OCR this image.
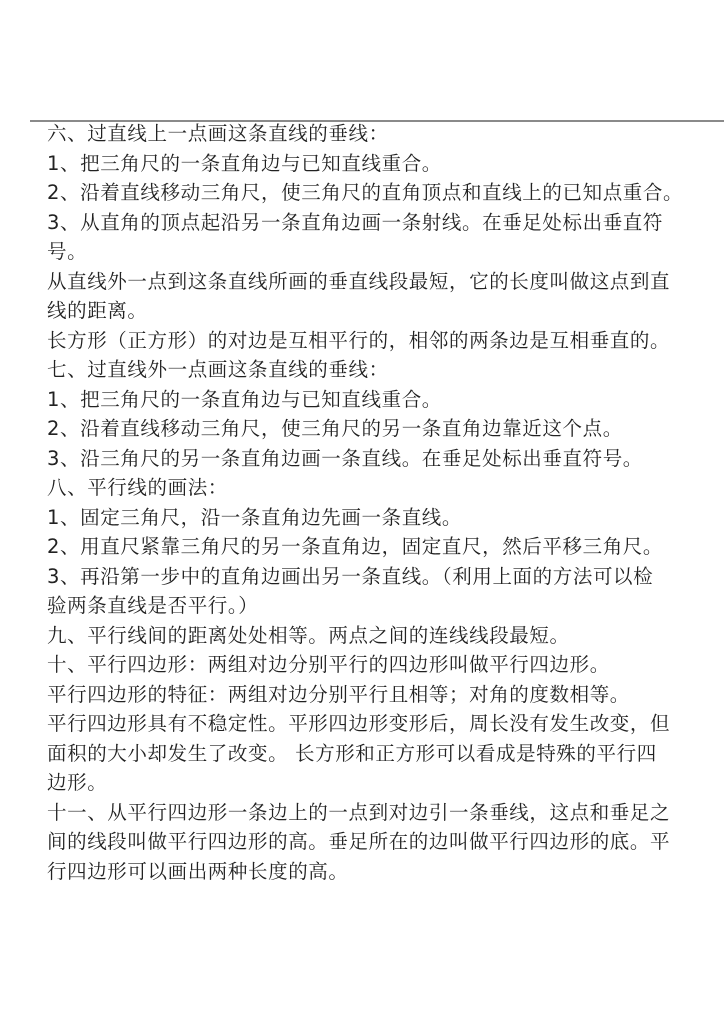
六、过直线上一点画这条直线的垂线：
1、把三角尺的一条直角边与已知直线重合。
2、沿着直线移动三角尺，使三角尺的直角顶点和直线上的已知点重合。
3、从直角的顶点起沿另一条直角边画一条射线。在垂足处标出垂直符
号。
从直线外一点到这条直线所画的垂直线段最短，它的长度叫做这点到直
线的距离。
长方形（正方形）的对边是互相平行的，相邻的两条边是互相垂直的。
七、过直线外一点画这条直线的垂线：
1、把三角尺的一条直角边与已知直线重合。
2、沿着直线移动三角尺，使三角尺的另一条直角边靠近这个点。
3、沿三角尺的另一条直角边画一条直线。在垂足处标出垂直符号。
八、平行线的画法：
1、固定三角尺，沿一条直角边先画一条直线。
2、用直尺紧靠三角尺的另一条直角边，固定直尺，然后平移三角尺。
3、再沿第一步中的直角边画出另一条直线。（利用上面的方法可以检
验两条直线是否平行。）
九、平行线间的距离处处相等。两点之间的连线线段最短。
十、平行四边形：两组对边分别平行的四边形叫做平行四边形。
平行四边形的特征：两组对边分别平行且相等；对角的度数相等。
平行四边形具有不稳定性。平形四边形变形后，周长没有发生改变，但
面积的大小却发生了改变。 长方形和正方形可以看成是特殊的平行四
边形。
十一、从平行四边形一条边上的一点到对边引一条垂线，这点和垂足之
间的线段叫做平行四边形的高。垂足所在的边叫做平行四边形的底。平
行四边形可以画出两种长度的高。
